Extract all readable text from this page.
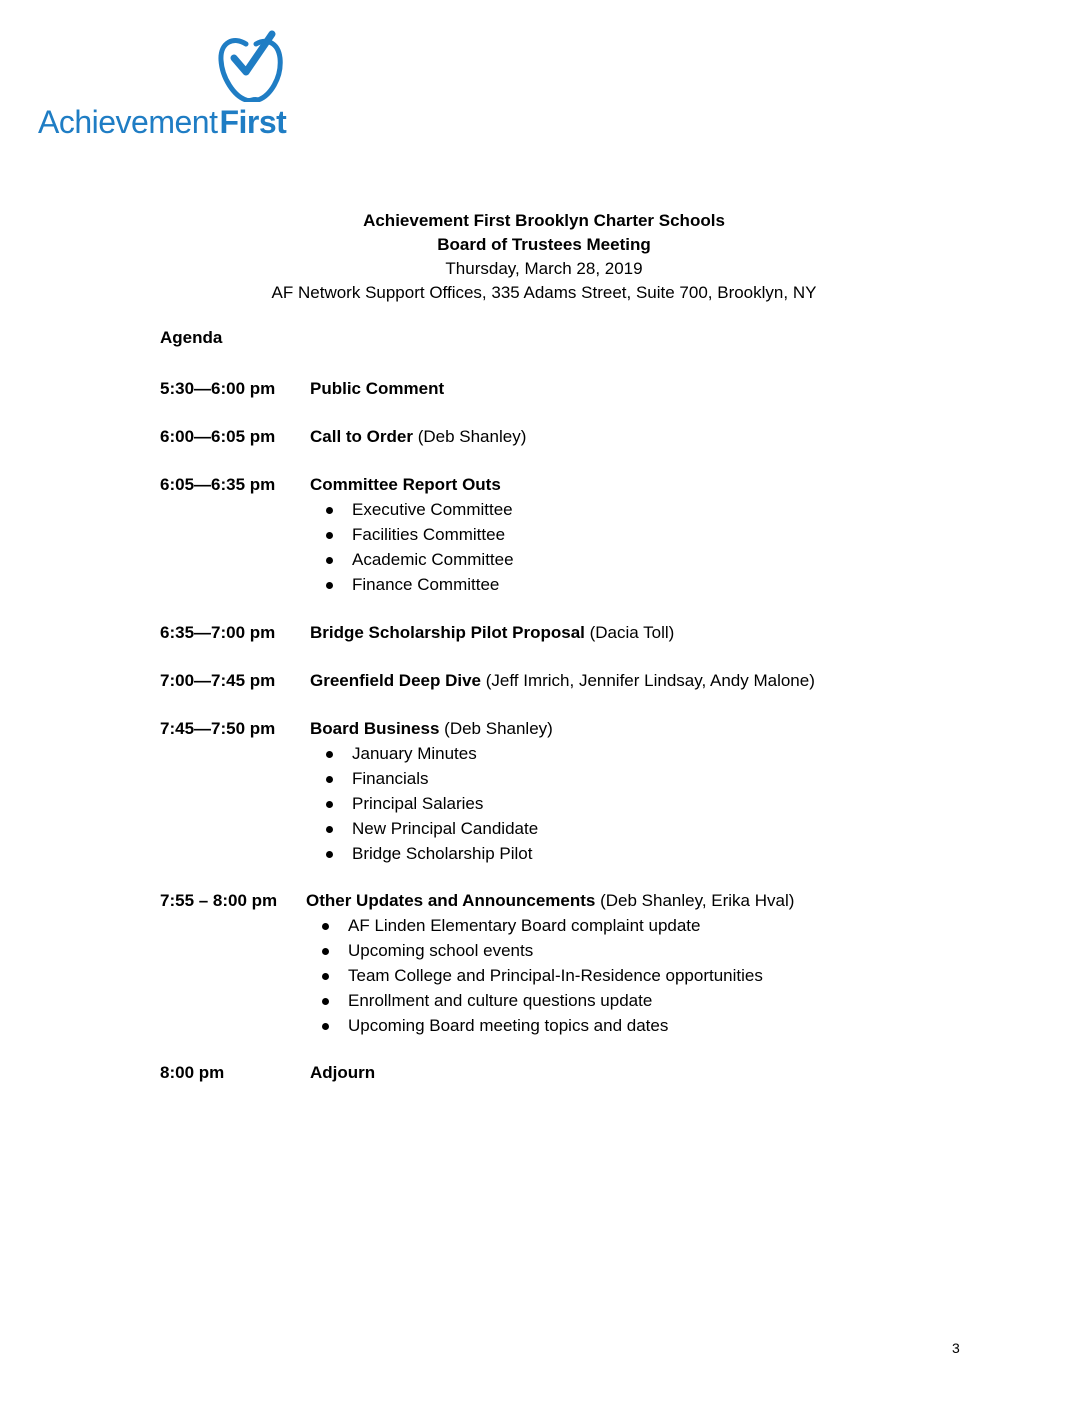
AchievementFirst
Achievement First Brooklyn Charter Schools
Board of Trustees Meeting
Thursday, March 28, 2019
AF Network Support Offices, 335 Adams Street, Suite 700, Brooklyn, NY
Agenda
5:30—6:00 pm Public Comment
6:00—6:05 pm Call to Order (Deb Shanley)
6:05—6:35 pm Committee Report Outs
Executive Committee
Facilities Committee
Academic Committee
Finance Committee
6:35—7:00 pm Bridge Scholarship Pilot Proposal (Dacia Toll)
7:00—7:45 pm Greenfield Deep Dive (Jeff Imrich, Jennifer Lindsay, Andy Malone)
7:45—7:50 pm Board Business (Deb Shanley)
January Minutes
Financials
Principal Salaries
New Principal Candidate
Bridge Scholarship Pilot
7:55 – 8:00 pm Other Updates and Announcements (Deb Shanley, Erika Hval)
AF Linden Elementary Board complaint update
Upcoming school events
Team College and Principal-In-Residence opportunities
Enrollment and culture questions update
Upcoming Board meeting topics and dates
8:00 pm	Adjourn
3
